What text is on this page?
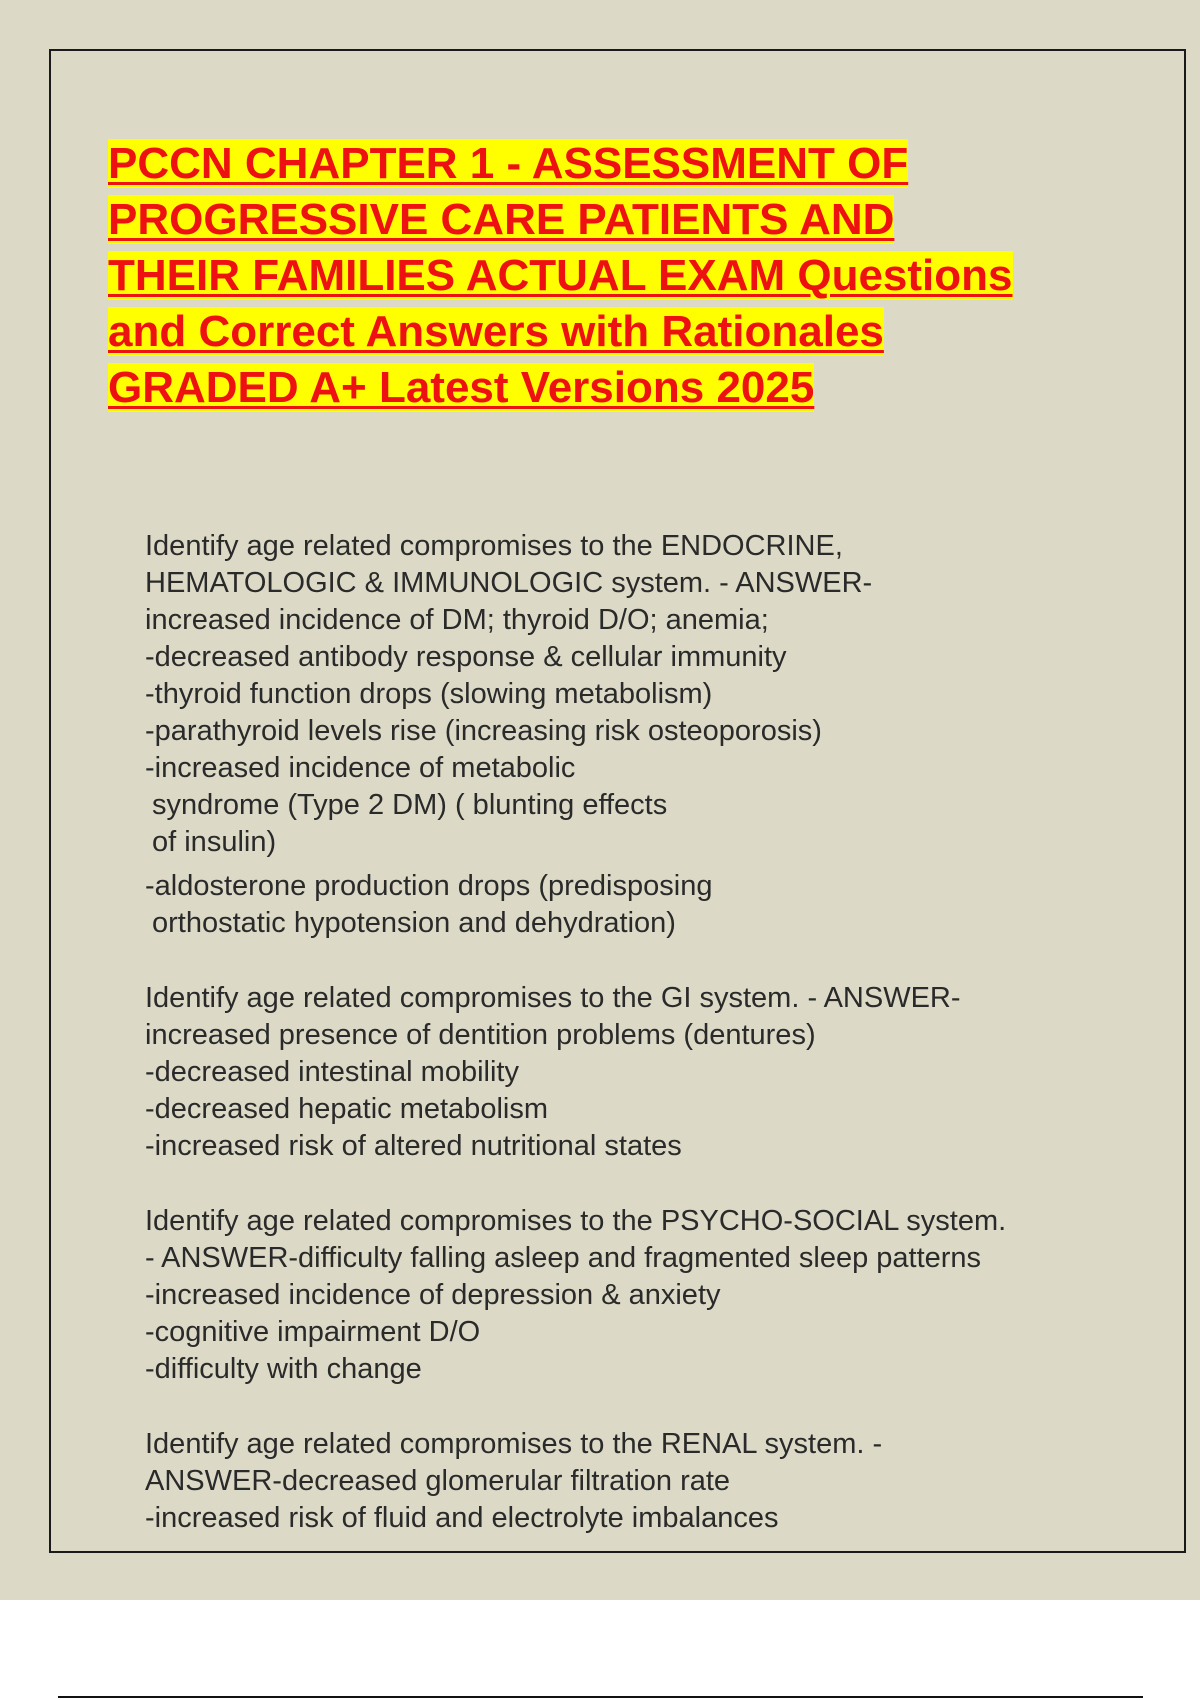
PCCN CHAPTER 1 - ASSESSMENT OF
PROGRESSIVE CARE PATIENTS AND
THEIR FAMILIES ACTUAL EXAM Questions
and Correct Answers with Rationales
GRADED A+ Latest Versions 2025
Identify age related compromises to the ENDOCRINE,
HEMATOLOGIC & IMMUNOLOGIC system. - ANSWER-
increased incidence of DM; thyroid D/O; anemia;
-decreased antibody response & cellular immunity
-thyroid function drops (slowing metabolism)
-parathyroid levels rise (increasing risk osteoporosis)
-increased incidence of metabolic
syndrome (Type 2 DM) ( blunting effects
of insulin)
-aldosterone production drops (predisposing
orthostatic hypotension and dehydration)
Identify age related compromises to the GI system. - ANSWER-
increased presence of dentition problems (dentures)
-decreased intestinal mobility
-decreased hepatic metabolism
-increased risk of altered nutritional states
Identify age related compromises to the PSYCHO-SOCIAL system.
- ANSWER-difficulty falling asleep and fragmented sleep patterns
-increased incidence of depression & anxiety
-cognitive impairment D/O
-difficulty with change
Identify age related compromises to the RENAL system. -
ANSWER-decreased glomerular filtration rate
-increased risk of fluid and electrolyte imbalances
